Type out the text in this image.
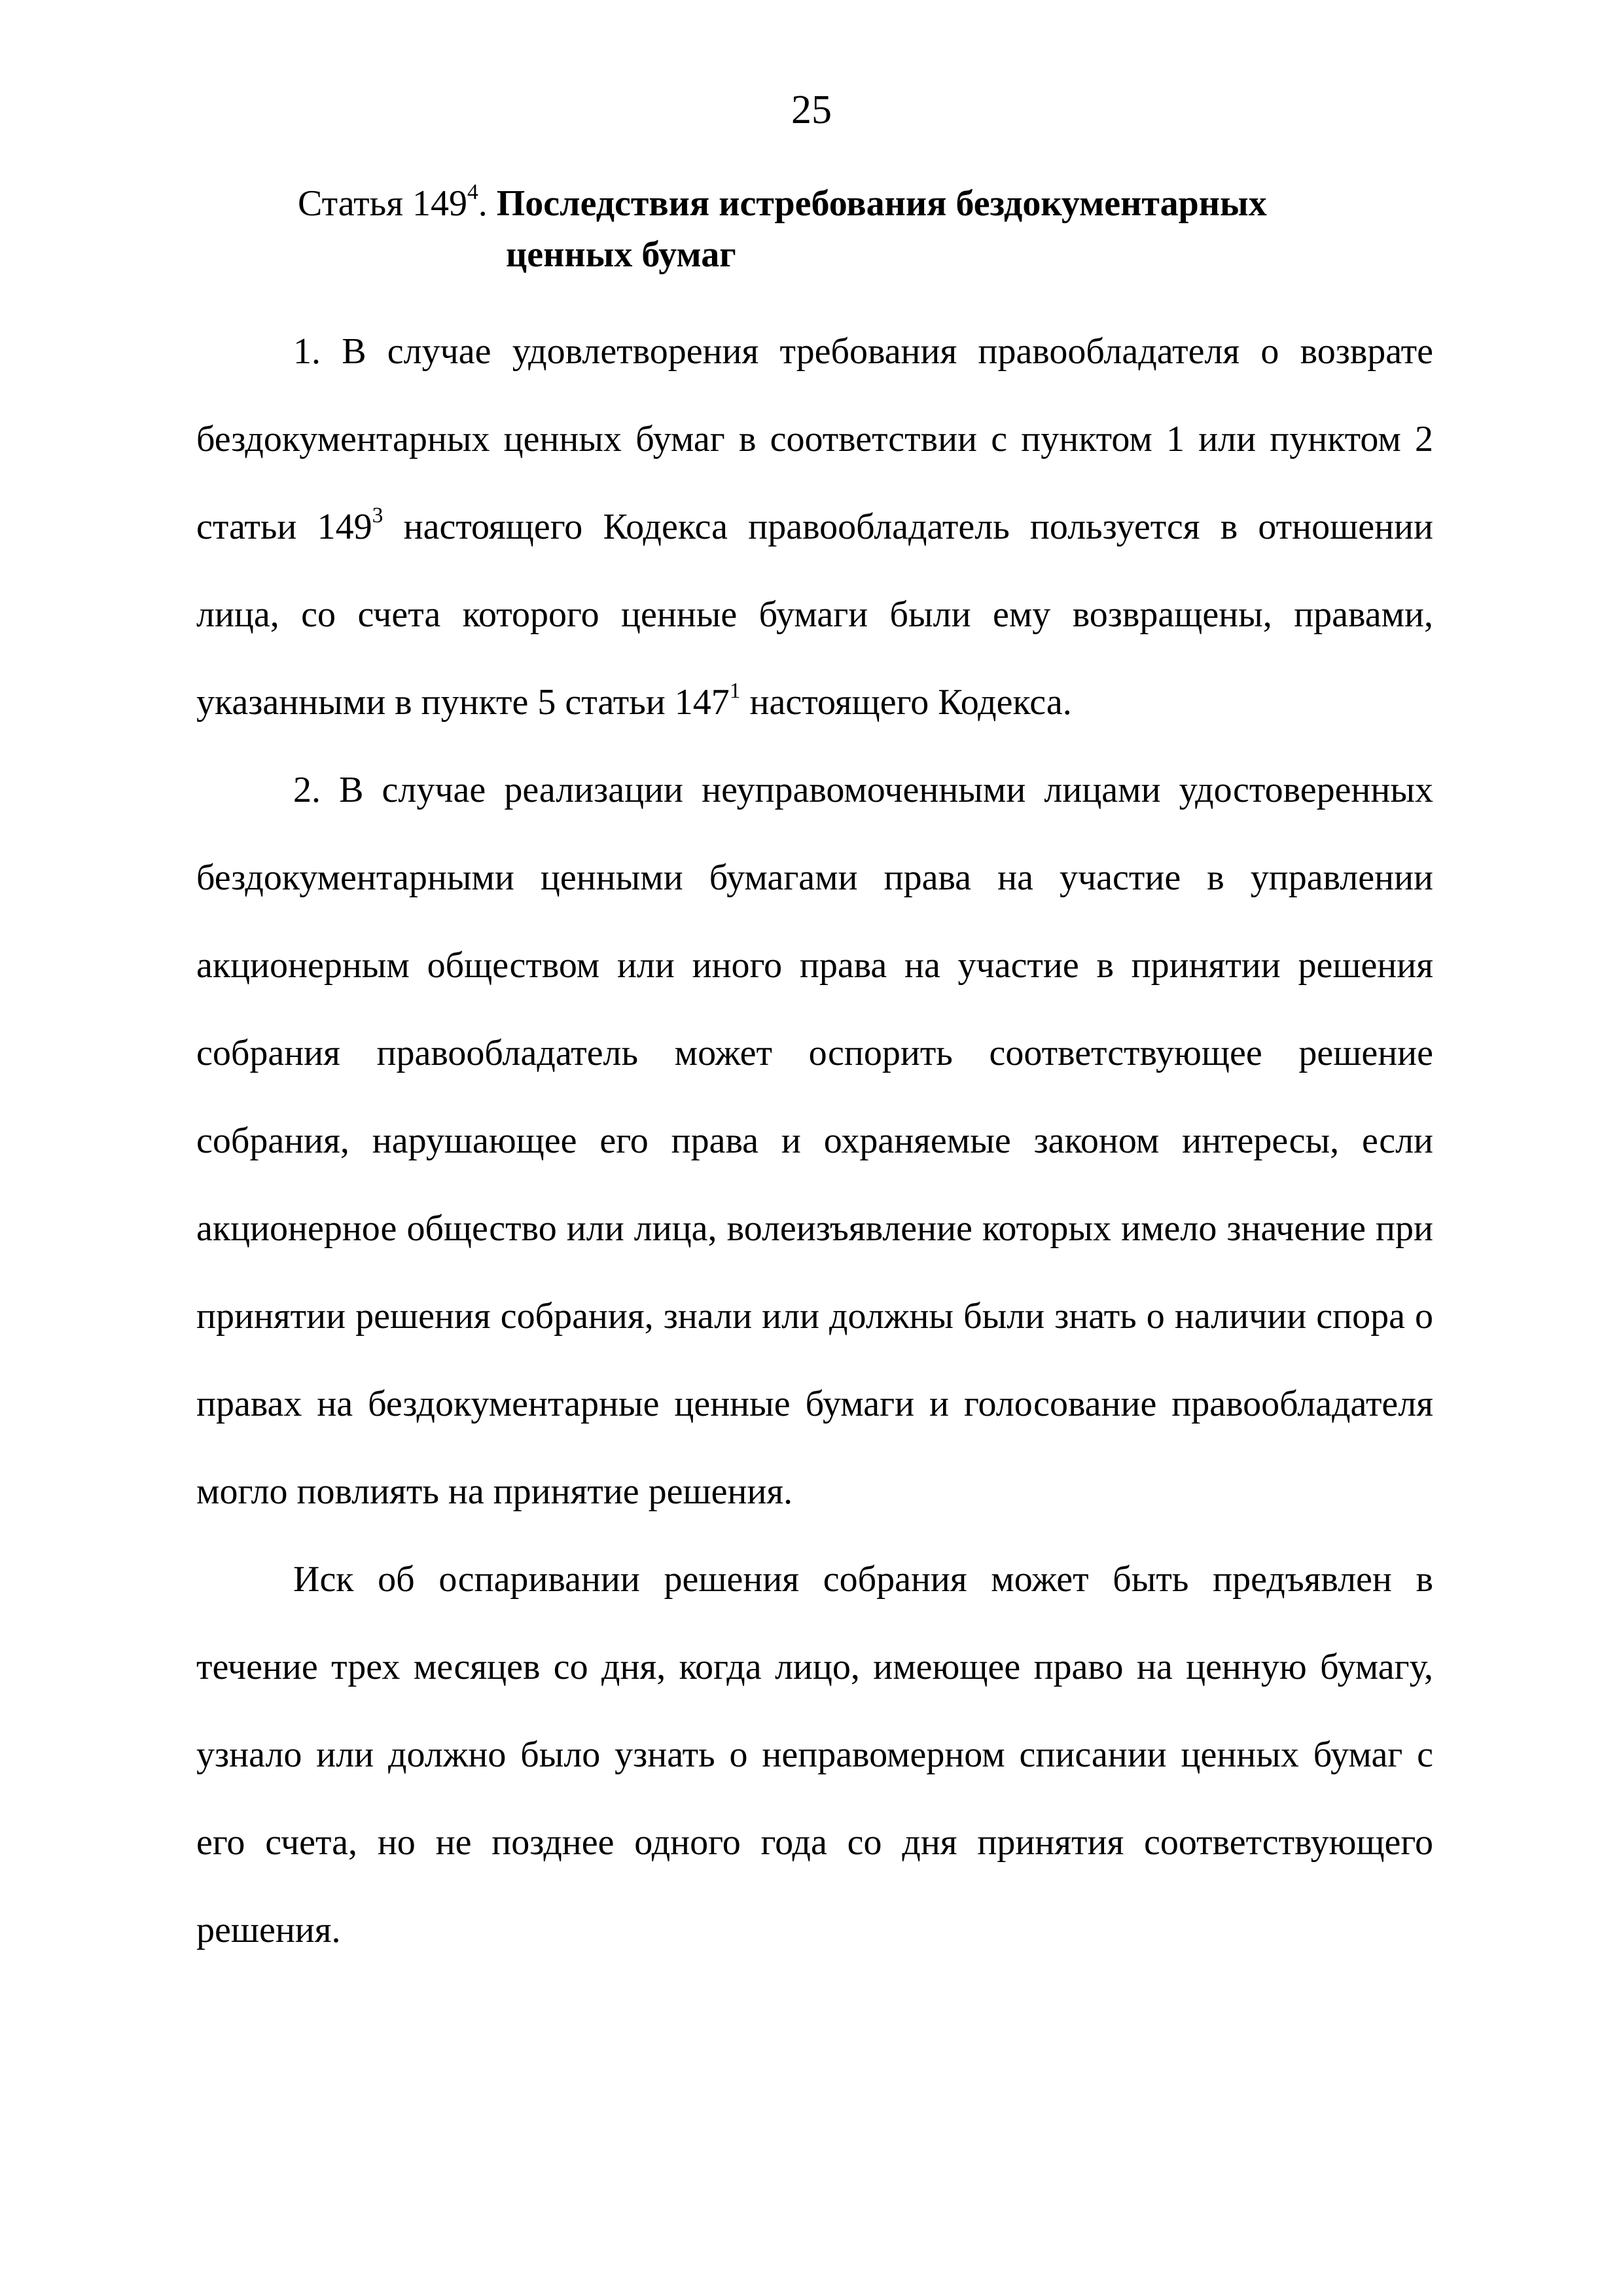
25
Статья $149^4$. Последствия истребования бездокументарных
ценных бумаг

1. В случае удовлетворения требования правообладателя о возврате бездокументарных ценных бумаг в соответствии с пунктом 1 или пунктом 2 статьи $149^3$ настоящего Кодекса правообладатель пользуется в отношении лица, со счета которого ценные бумаги были ему возвращены, правами, указанными в пункте 5 статьи $147^1$ настоящего Кодекса.

2. В случае реализации неуправомоченными лицами удостоверенных бездокументарными ценными бумагами права на участие в управлении акционерным обществом или иного права на участие в принятии решения собрания правообладатель может оспорить соответствующее решение собрания, нарушающее его права и охраняемые законом интересы, если акционерное общество или лица, волеизъявление которых имело значение при принятии решения собрания, знали или должны были знать о наличии спора о правах на бездокументарные ценные бумаги и голосование правообладателя могло повлиять на принятие решения.

Иск об оспаривании решения собрания может быть предъявлен в течение трех месяцев со дня, когда лицо, имеющее право на ценную бумагу, узнало или должно было узнать о неправомерном списании ценных бумаг с его счета, но не позднее одного года со дня принятия соответствующего решения.
